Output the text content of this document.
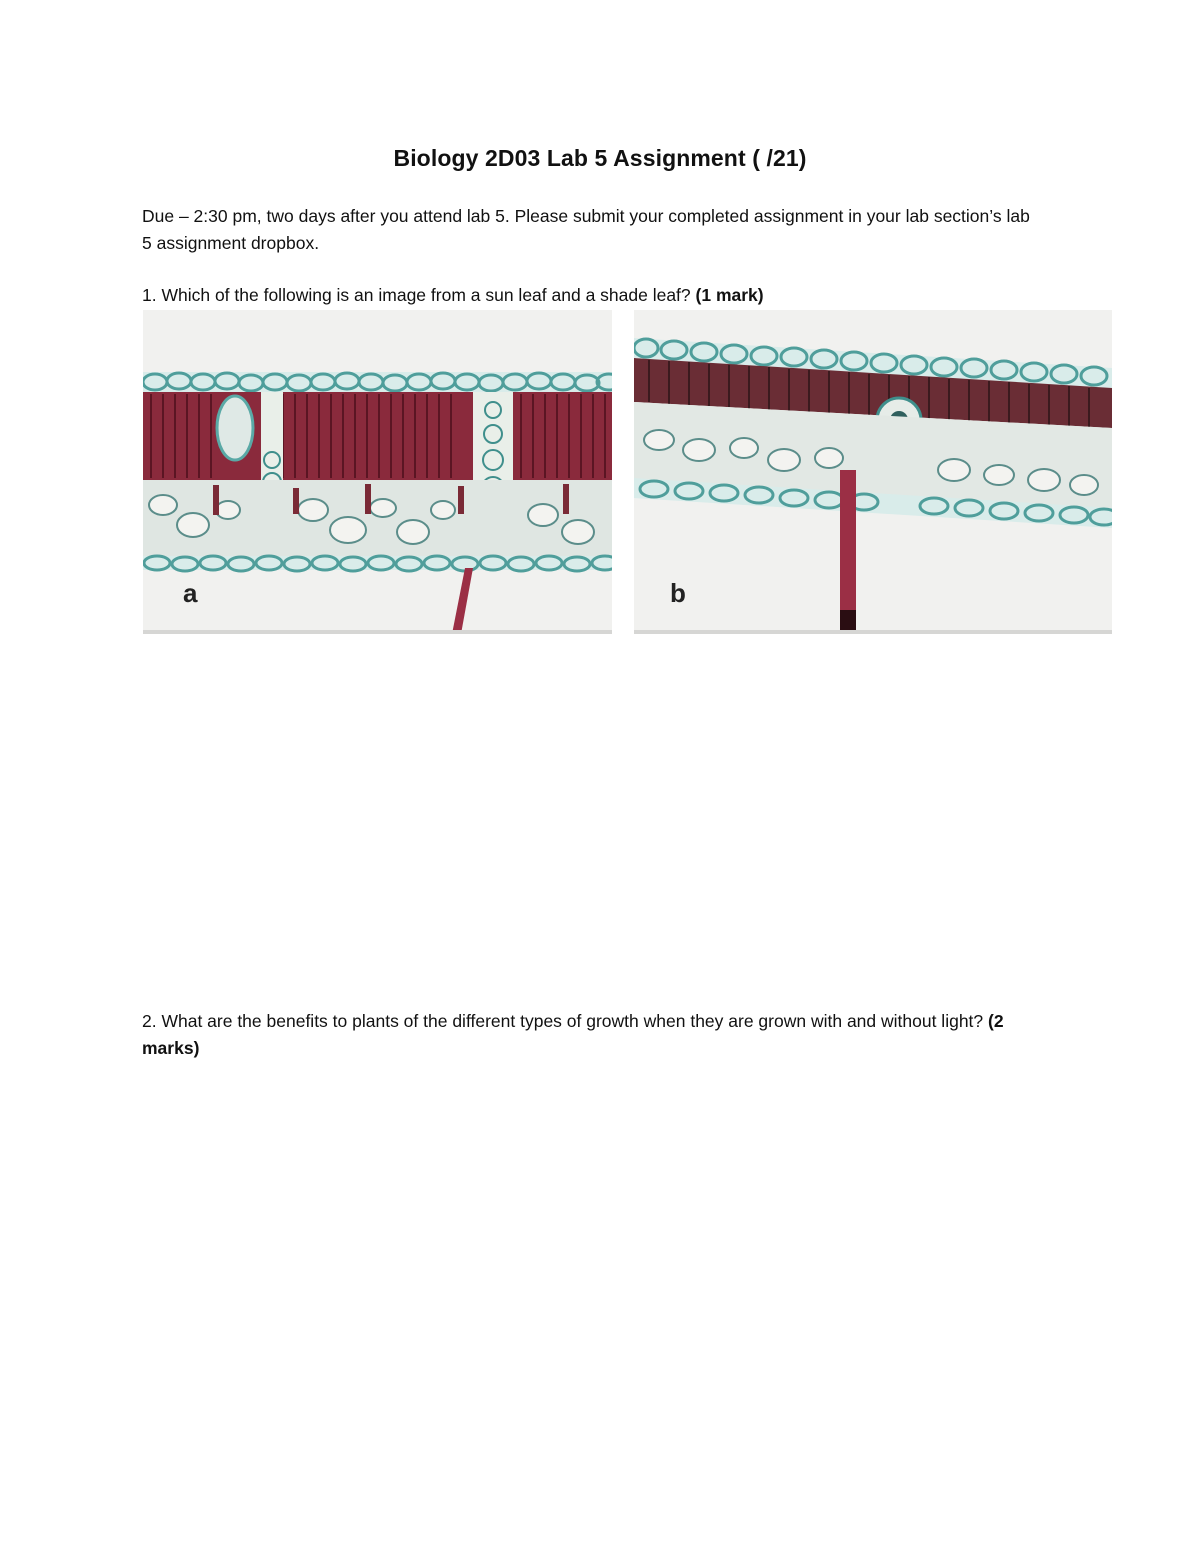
Biology 2D03 Lab 5 Assignment ( /21)
Due – 2:30 pm, two days after you attend lab 5. Please submit your completed assignment in your lab section’s lab 5 assignment dropbox.
1. Which of the following is an image from a sun leaf and a shade leaf? (1 mark)
a	b
2. What are the benefits to plants of the different types of growth when they are grown with and without light? (2 marks)
